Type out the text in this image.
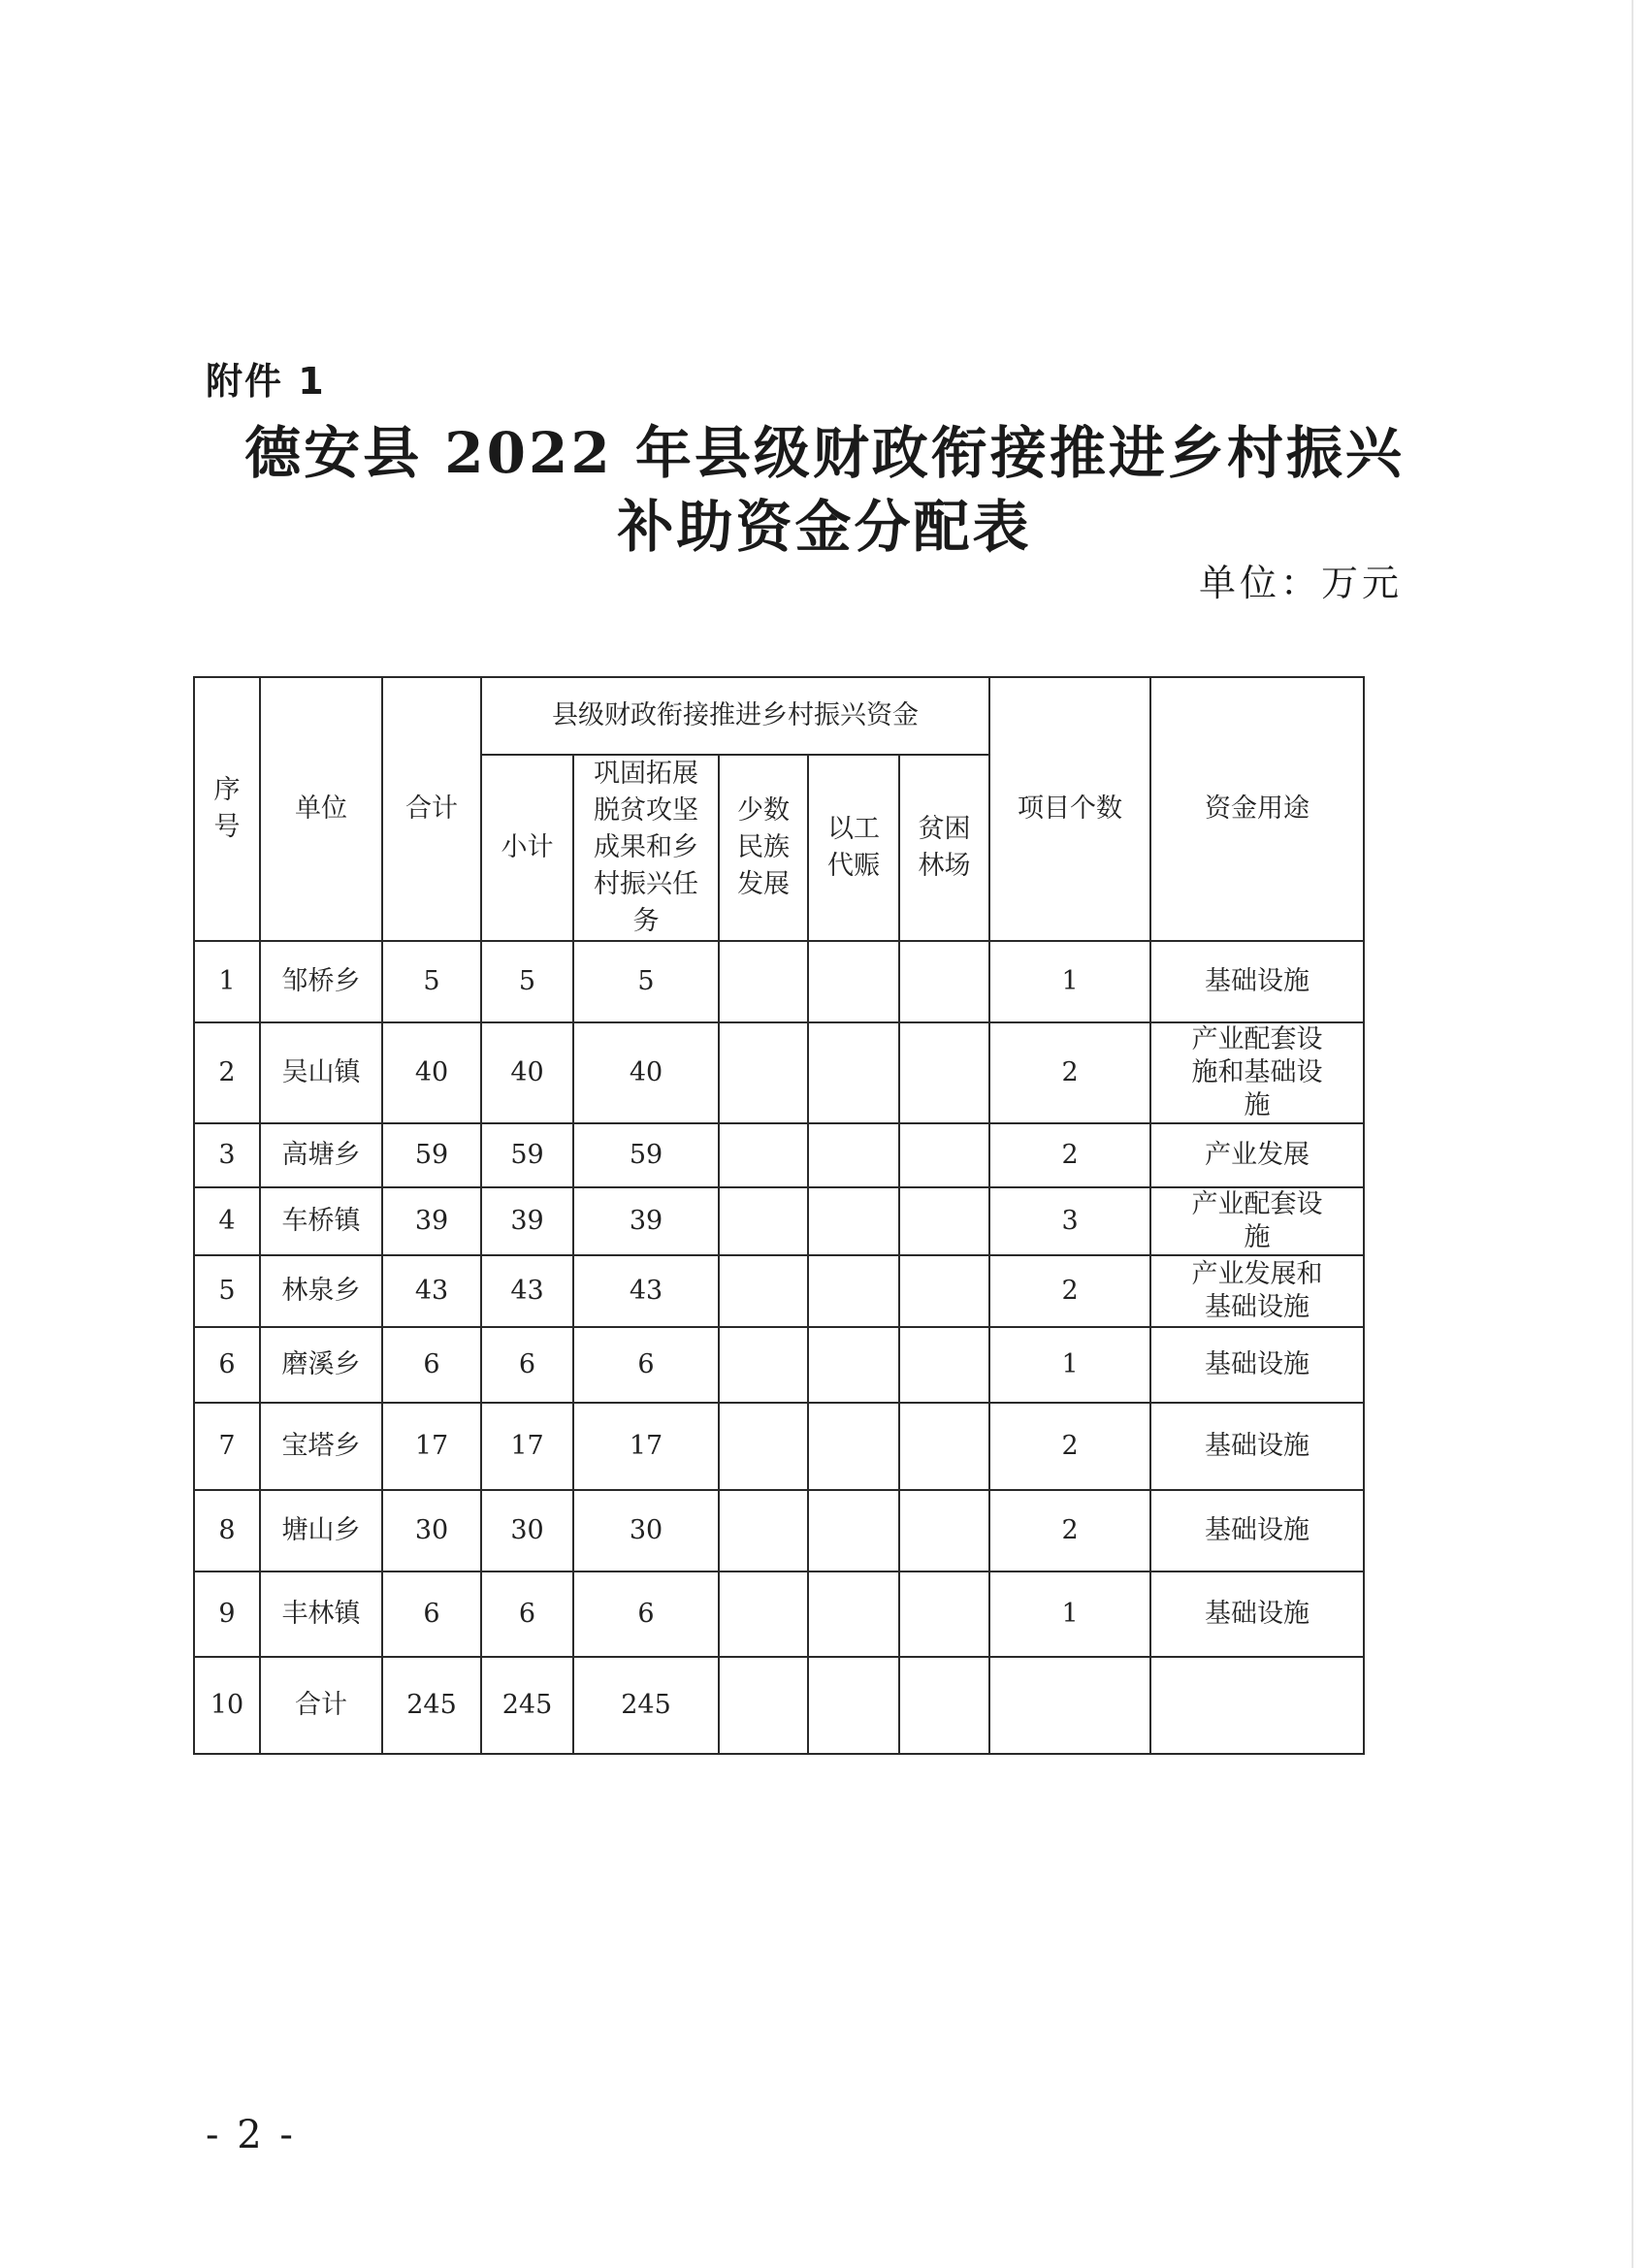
附件 1
德安县 2022 年县级财政衔接推进乡村振兴
补助资金分配表
单位：万元
序号	单位	合计	县级财政衔接推进乡村振兴资金					项目个数	资金用途
			小计	巩固拓展脱贫攻坚成果和乡村振兴任务	少数民族发展	以工代赈	贫困林场		

1	邹桥乡	5	5	5				1	基础设施

2	吴山镇	40	40	40				2	产业配套设施和基础设施

3	高塘乡	59	59	59				2	产业发展

4	车桥镇	39	39	39				3	产业配套设施

5	林泉乡	43	43	43				2	产业发展和基础设施

6	磨溪乡	6	6	6				1	基础设施

7	宝塔乡	17	17	17				2	基础设施

8	塘山乡	30	30	30				2	基础设施

9	丰林镇	6	6	6				1	基础设施

10	合计	245	245	245					
- 2 -
